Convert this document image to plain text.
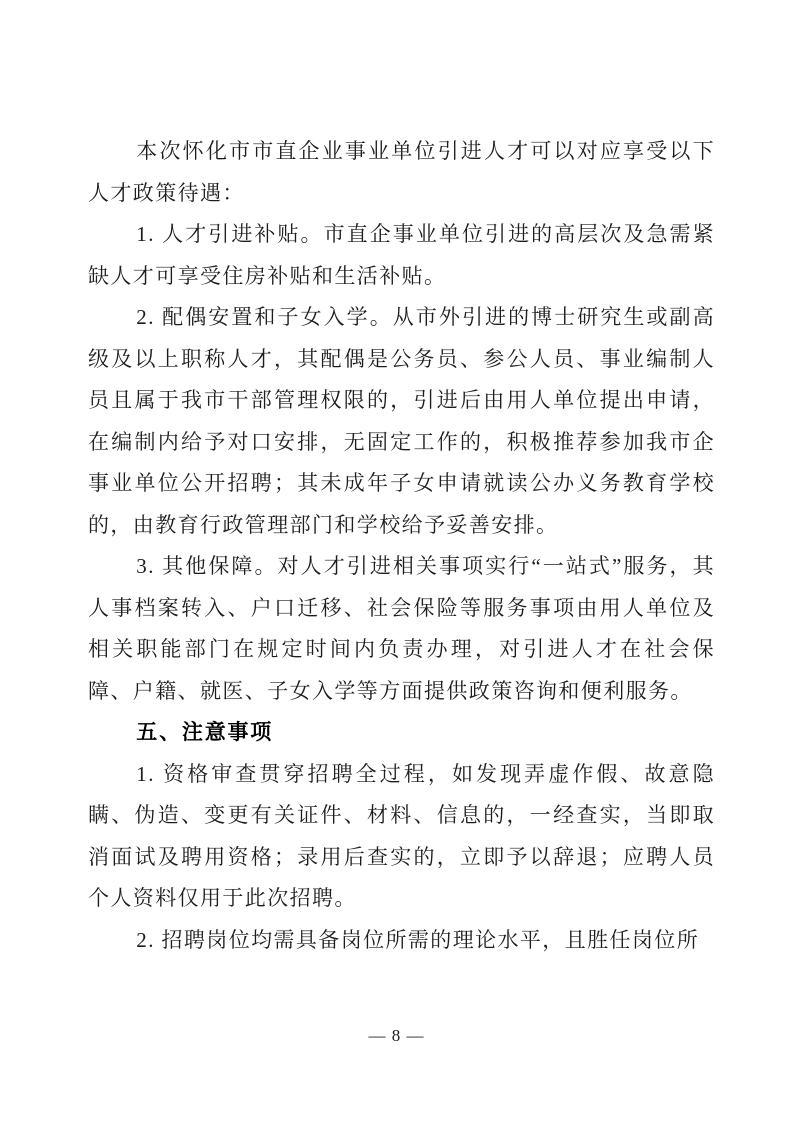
本次怀化市市直企业事业单位引进人才可以对应享受以下人才政策待遇：

1. 人才引进补贴。市直企事业单位引进的高层次及急需紧缺人才可享受住房补贴和生活补贴。

2. 配偶安置和子女入学。从市外引进的博士研究生或副高级及以上职称人才，其配偶是公务员、参公人员、事业编制人员且属于我市干部管理权限的，引进后由用人单位提出申请，在编制内给予对口安排，无固定工作的，积极推荐参加我市企事业单位公开招聘；其未成年子女申请就读公办义务教育学校的，由教育行政管理部门和学校给予妥善安排。

3. 其他保障。对人才引进相关事项实行“一站式”服务，其人事档案转入、户口迁移、社会保险等服务事项由用人单位及相关职能部门在规定时间内负责办理，对引进人才在社会保障、户籍、就医、子女入学等方面提供政策咨询和便利服务。

五、注意事项

1. 资格审查贯穿招聘全过程，如发现弄虚作假、故意隐瞒、伪造、变更有关证件、材料、信息的，一经查实，当即取消面试及聘用资格；录用后查实的，立即予以辞退；应聘人员个人资料仅用于此次招聘。

2. 招聘岗位均需具备岗位所需的理论水平，且胜任岗位所

— 8 —
